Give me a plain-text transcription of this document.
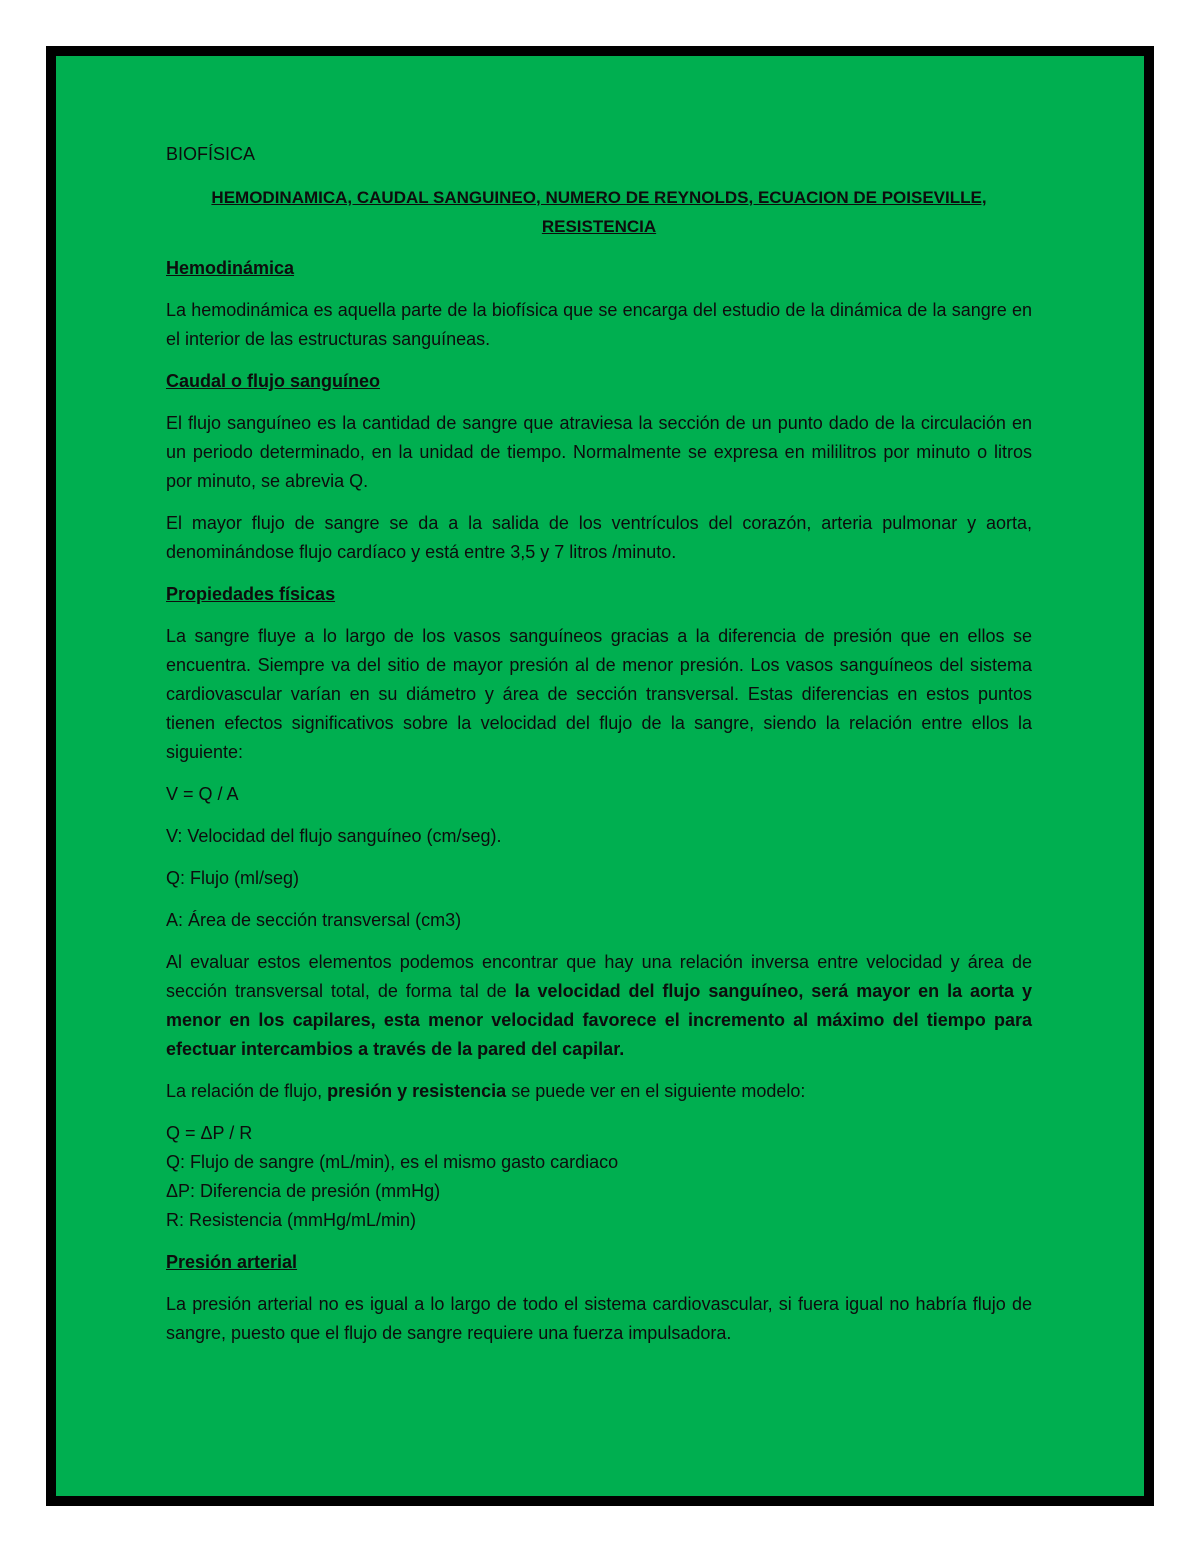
BIOFÍSICA

HEMODINAMICA, CAUDAL SANGUINEO, NUMERO DE REYNOLDS, ECUACION DE POISEVILLE,
RESISTENCIA

Hemodinámica

La hemodinámica es aquella parte de la biofísica que se encarga del estudio de la dinámica de la sangre en el interior de las estructuras sanguíneas.

Caudal o flujo sanguíneo

El flujo sanguíneo es la cantidad de sangre que atraviesa la sección de un punto dado de la circulación en un periodo determinado, en la unidad de tiempo. Normalmente se expresa en mililitros por minuto o litros por minuto, se abrevia Q.

El mayor flujo de sangre se da a la salida de los ventrículos del corazón, arteria pulmonar y aorta, denominándose flujo cardíaco y está entre 3,5 y 7 litros /minuto.

Propiedades físicas

La sangre fluye a lo largo de los vasos sanguíneos gracias a la diferencia de presión que en ellos se encuentra. Siempre va del sitio de mayor presión al de menor presión. Los vasos sanguíneos del sistema cardiovascular varían en su diámetro y área de sección transversal. Estas diferencias en estos puntos tienen efectos significativos sobre la velocidad del flujo de la sangre, siendo la relación entre ellos la siguiente:

V = Q / A

V: Velocidad del flujo sanguíneo (cm/seg).

Q: Flujo (ml/seg)

A: Área de sección transversal (cm3)

Al evaluar estos elementos podemos encontrar que hay una relación inversa entre velocidad y área de sección transversal total, de forma tal de la velocidad del flujo sanguíneo, será mayor en la aorta y menor en los capilares, esta menor velocidad favorece el incremento al máximo del tiempo para efectuar intercambios a través de la pared del capilar.

La relación de flujo, presión y resistencia se puede ver en el siguiente modelo:

Q = ΔP / R

Q: Flujo de sangre (mL/min), es el mismo gasto cardiaco

ΔP: Diferencia de presión (mmHg)

R: Resistencia (mmHg/mL/min)

Presión arterial

La presión arterial no es igual a lo largo de todo el sistema cardiovascular, si fuera igual no habría flujo de sangre, puesto que el flujo de sangre requiere una fuerza impulsadora.
